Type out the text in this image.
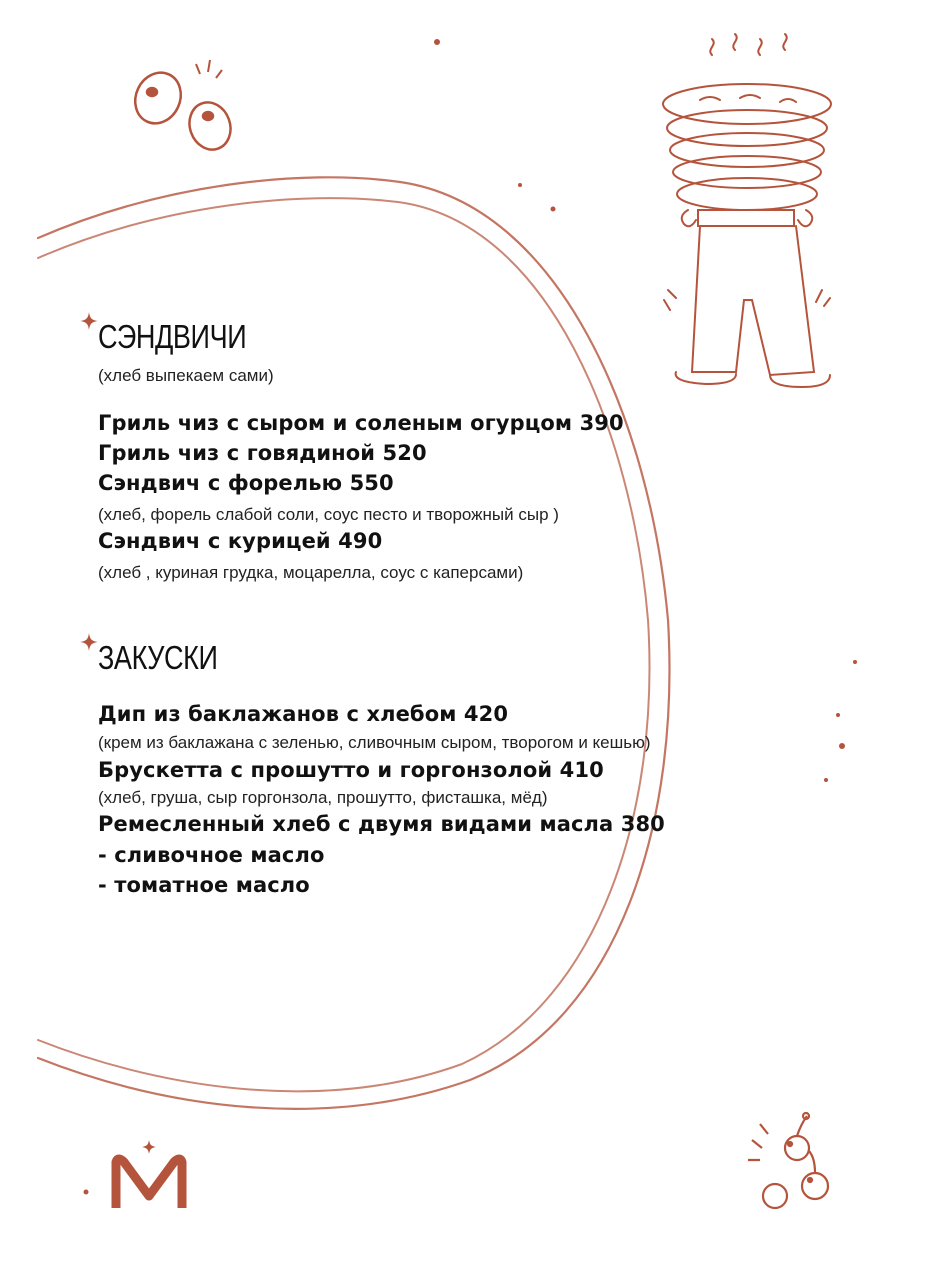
СЭНДВИЧИ
(хлеб выпекаем сами)
Гриль чиз с сыром и соленым огурцом 390
Гриль чиз с говядиной 520
Сэндвич с форелью 550
(хлеб, форель слабой соли, соус песто и творожный сыр )
Сэндвич с курицей 490
(хлеб , куриная грудка, моцарелла, соус с каперсами)
ЗАКУСКИ
Дип из баклажанов с хлебом 420
(крем из баклажана с зеленью, сливочным сыром, творогом и кешью)
Брускетта с прошутто и горгонзолой 410
(хлеб, груша, сыр горгонзола, прошутто, фисташка, мёд)
Ремесленный хлеб с двумя видами масла 380
- сливочное масло
- томатное масло
